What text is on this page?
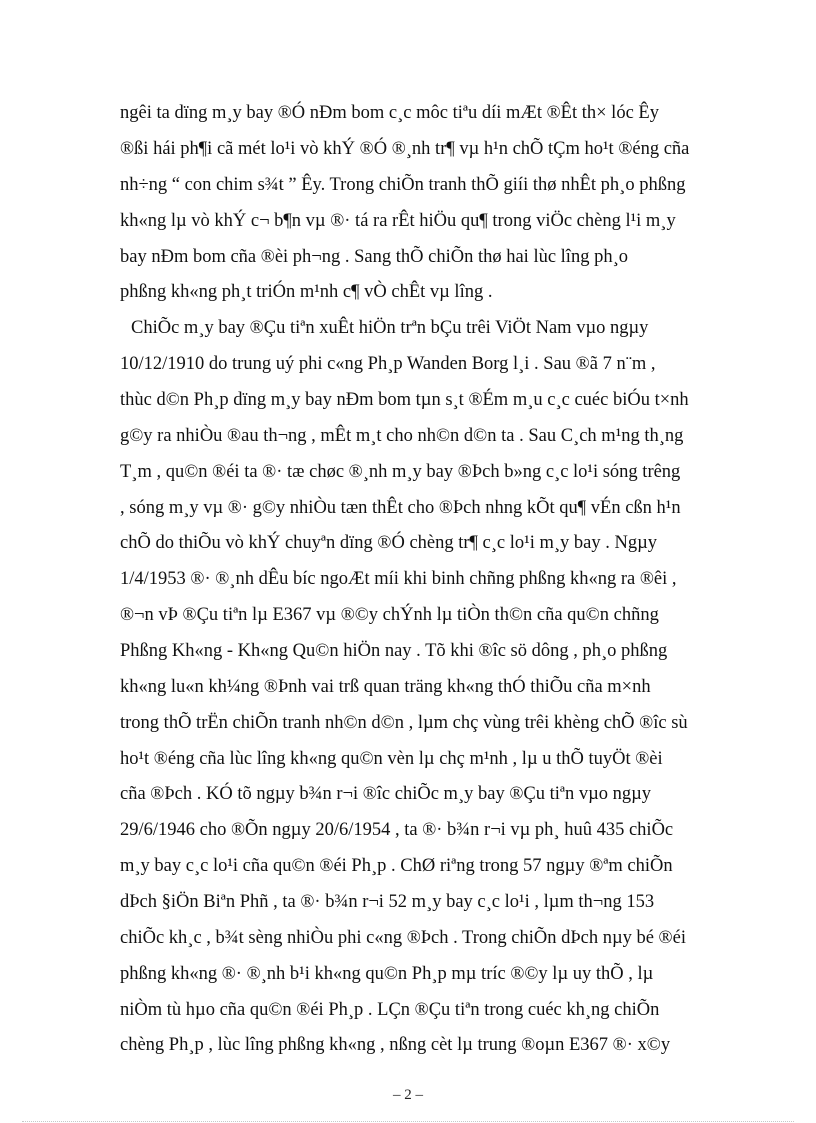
ngêi ta dïng m¸y bay ®Ó nÐm bom c¸c môc tiªu díi mÆt ®Êt th× lóc Êy
®ßi hái ph¶i cã mét lo¹i vò khÝ ®Ó ®¸nh tr¶ vµ h¹n chÕ tÇm ho¹t ®éng cña
nh÷ng “ con chim s¾t ” Êy. Trong chiÕn tranh thÕ giíi thø nhÊt ph¸o phßng
kh«ng lµ vò khÝ c¬ b¶n vµ ®· tá ra rÊt hiÖu qu¶ trong viÖc chèng l¹i m¸y
bay nÐm bom cña ®èi ph¬ng . Sang thÕ chiÕn thø hai lùc lîng ph¸o
phßng kh«ng ph¸t triÓn m¹nh c¶ vÒ chÊt vµ lîng .
ChiÕc m¸y bay ®Çu tiªn xuÊt hiÖn trªn bÇu trêi ViÖt Nam vµo ngµy
10/12/1910 do trung uý phi c«ng Ph¸p Wanden Borg l¸i . Sau ®ã 7 n¨m ,
thùc d©n Ph¸p dïng m¸y bay nÐm bom tµn s¸t ®Ém m¸u c¸c cuéc biÓu t×nh
g©y ra nhiÒu ®au th¬ng , mÊt m¸t cho nh©n d©n ta . Sau C¸ch m¹ng th¸ng
T¸m , qu©n ®éi ta ®· tæ chøc ®¸nh m¸y bay ®Þch b»ng c¸c lo¹i sóng trêng
, sóng m¸y vµ ®· g©y nhiÒu tæn thÊt cho ®Þch nhng kÕt qu¶ vÉn cßn h¹n
chÕ do thiÕu vò khÝ chuyªn dïng ®Ó chèng tr¶ c¸c lo¹i m¸y bay . Ngµy
1/4/1953 ®· ®¸nh dÊu bíc ngoÆt míi khi binh chñng phßng kh«ng ra ®êi ,
®¬n vÞ ®Çu tiªn lµ E367 vµ ®©y chÝnh lµ tiÒn th©n cña qu©n chñng
Phßng Kh«ng - Kh«ng Qu©n hiÖn nay . Tõ khi ®îc sö dông , ph¸o phßng
kh«ng lu«n kh¼ng ®Þnh vai trß quan träng kh«ng thÓ thiÕu cña m×nh
trong thÕ trËn chiÕn tranh nh©n d©n , lµm chç vùng trêi khèng chÕ ®îc sù
ho¹t ®éng cña lùc lîng kh«ng qu©n vèn lµ chç m¹nh , lµ u thÕ tuyÖt ®èi
cña ®Þch . KÓ tõ ngµy b¾n r¬i ®îc chiÕc m¸y bay ®Çu tiªn vµo ngµy
29/6/1946 cho ®Õn ngµy 20/6/1954 , ta ®· b¾n r¬i vµ ph¸ huû 435 chiÕc
m¸y bay c¸c lo¹i cña qu©n ®éi Ph¸p . ChØ riªng trong 57 ngµy ®ªm chiÕn
dÞch §iÖn Biªn Phñ , ta ®· b¾n r¬i 52 m¸y bay c¸c lo¹i , lµm th¬ng 153
chiÕc kh¸c , b¾t sèng nhiÒu phi c«ng ®Þch . Trong chiÕn dÞch nµy bé ®éi
phßng kh«ng ®· ®¸nh b¹i kh«ng qu©n Ph¸p mµ tríc ®©y lµ uy thÕ , lµ
niÒm tù hµo cña qu©n ®éi Ph¸p . LÇn ®Çu tiªn trong cuéc kh¸ng chiÕn
chèng Ph¸p , lùc lîng phßng kh«ng , nßng cèt lµ trung ®oµn E367 ®· x©y
– 2 –
